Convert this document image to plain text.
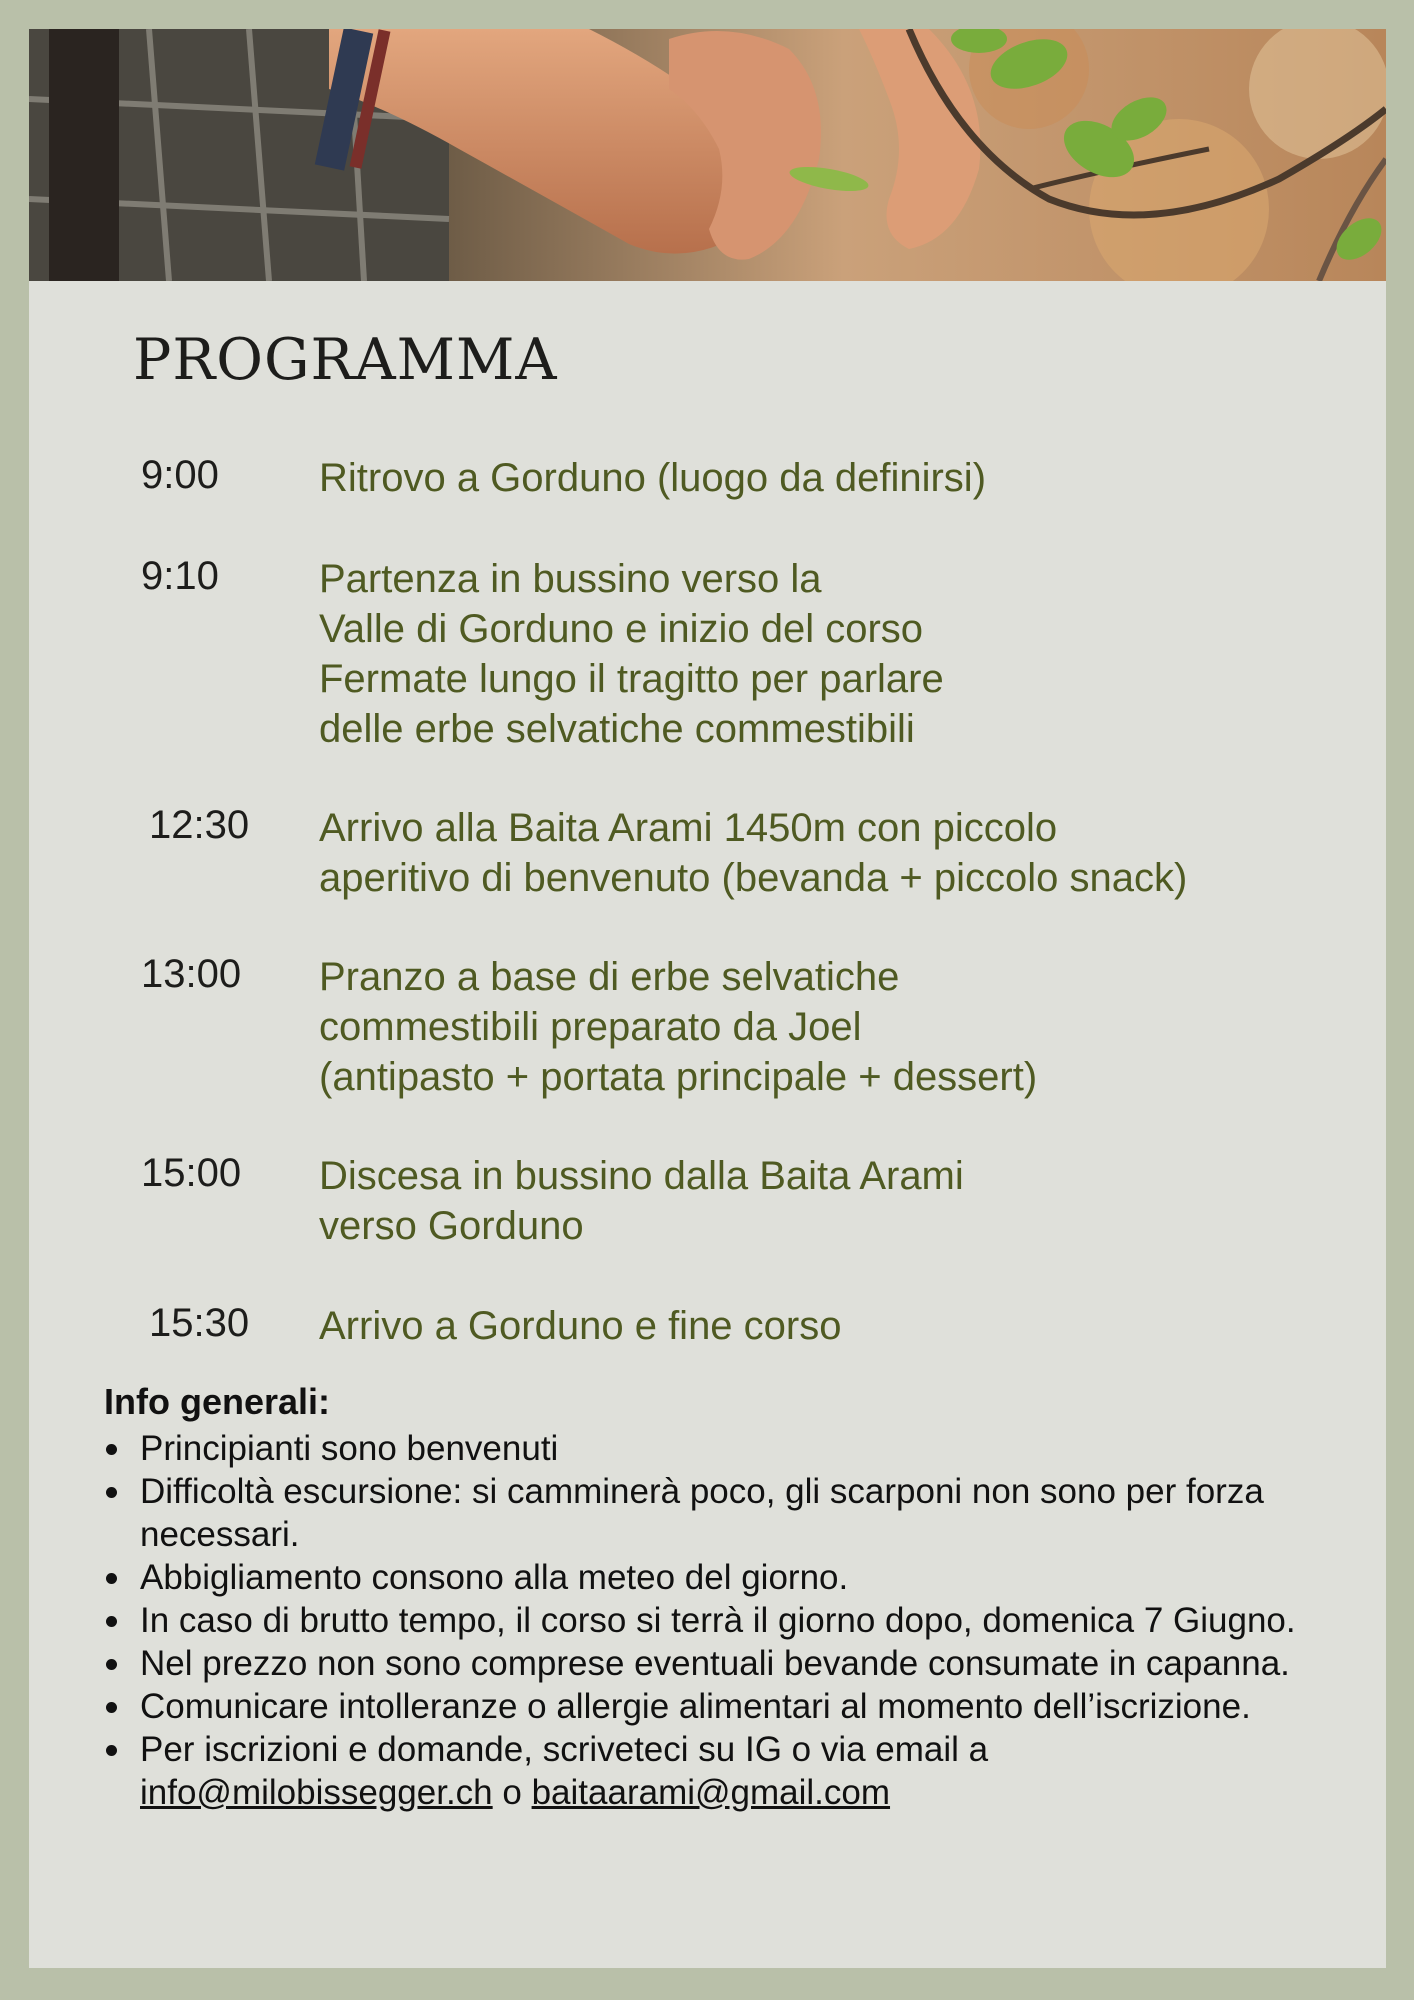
PROGRAMMA
9:00	Ritrovo a Gorduno (luogo da definirsi)
9:10	Partenza in bussino verso la
Valle di Gorduno e inizio del corso
Fermate lungo il tragitto per parlare
delle erbe selvatiche commestibili
12:30	Arrivo alla Baita Arami 1450m con piccolo
aperitivo di benvenuto (bevanda + piccolo snack)
13:00	Pranzo a base di erbe selvatiche
commestibili preparato da Joel
(antipasto + portata principale + dessert)
15:00	Discesa in bussino dalla Baita Arami
verso Gorduno
15:30	Arrivo a Gorduno e fine corso
Info generali:
Principianti sono benvenuti
Difficoltà escursione: si camminerà poco, gli scarponi non sono per forza necessari.
Abbigliamento consono alla meteo del giorno.
In caso di brutto tempo, il corso si terrà il giorno dopo, domenica 7 Giugno.
Nel prezzo non sono comprese eventuali bevande consumate in capanna.
Comunicare intolleranze o allergie alimentari al momento dell’iscrizione.
Per iscrizioni e domande, scriveteci su IG o via email a
info@milobissegger.ch o baitaarami@gmail.com
